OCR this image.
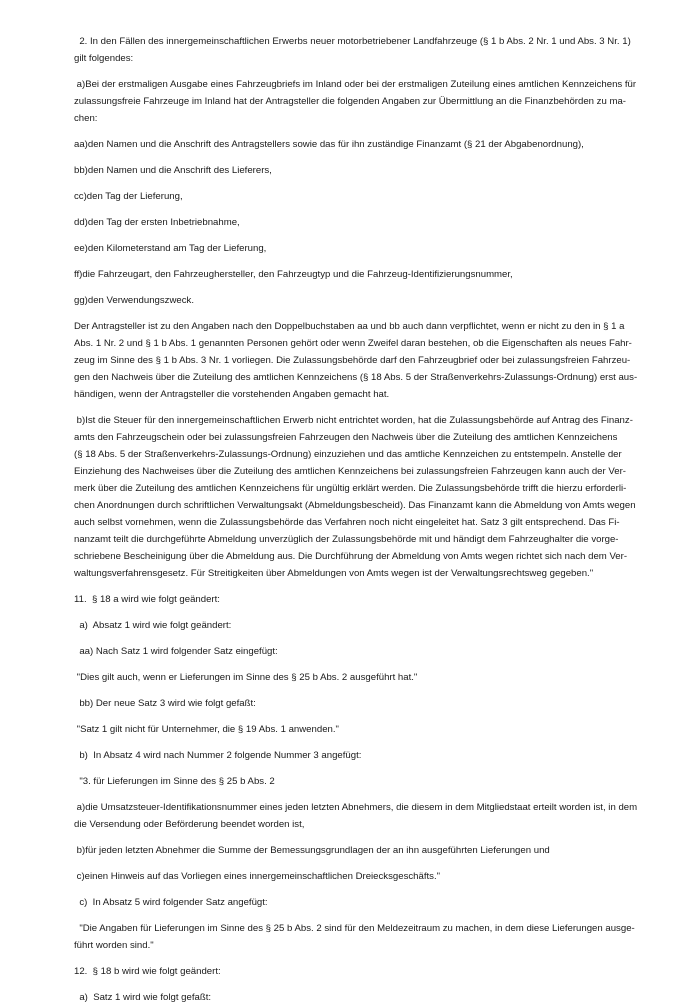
2. In den Fällen des innergemeinschaftlichen Erwerbs neuer motorbetriebener Landfahrzeuge (§ 1 b Abs. 2 Nr. 1 und Abs. 3 Nr. 1)
gilt folgendes:
a)Bei der erstmaligen Ausgabe eines Fahrzeugbriefs im Inland oder bei der erstmaligen Zuteilung eines amtlichen Kennzeichens für
zulassungsfreie Fahrzeuge im Inland hat der Antragsteller die folgenden Angaben zur Übermittlung an die Finanzbehörden zu ma-
chen:
aa)den Namen und die Anschrift des Antragstellers sowie das für ihn zuständige Finanzamt (§ 21 der Abgabenordnung),
bb)den Namen und die Anschrift des Lieferers,
cc)den Tag der Lieferung,
dd)den Tag der ersten Inbetriebnahme,
ee)den Kilometerstand am Tag der Lieferung,
ff)die Fahrzeugart, den Fahrzeughersteller, den Fahrzeugtyp und die Fahrzeug-Identifizierungsnummer,
gg)den Verwendungszweck.
Der Antragsteller ist zu den Angaben nach den Doppelbuchstaben aa und bb auch dann verpflichtet, wenn er nicht zu den in § 1 a
Abs. 1 Nr. 2 und § 1 b Abs. 1 genannten Personen gehört oder wenn Zweifel daran bestehen, ob die Eigenschaften als neues Fahr-
zeug im Sinne des § 1 b Abs. 3 Nr. 1 vorliegen. Die Zulassungsbehörde darf den Fahrzeugbrief oder bei zulassungsfreien Fahrzeu-
gen den Nachweis über die Zuteilung des amtlichen Kennzeichens (§ 18 Abs. 5 der Straßenverkehrs-Zulassungs-Ordnung) erst aus-
händigen, wenn der Antragsteller die vorstehenden Angaben gemacht hat.
b)Ist die Steuer für den innergemeinschaftlichen Erwerb nicht entrichtet worden, hat die Zulassungsbehörde auf Antrag des Finanz-
amts den Fahrzeugschein oder bei zulassungsfreien Fahrzeugen den Nachweis über die Zuteilung des amtlichen Kennzeichens
(§ 18 Abs. 5 der Straßenverkehrs-Zulassungs-Ordnung) einzuziehen und das amtliche Kennzeichen zu entstempeln. Anstelle der
Einziehung des Nachweises über die Zuteilung des amtlichen Kennzeichens bei zulassungsfreien Fahrzeugen kann auch der Ver-
merk über die Zuteilung des amtlichen Kennzeichens für ungültig erklärt werden. Die Zulassungsbehörde trifft die hierzu erforderli-
chen Anordnungen durch schriftlichen Verwaltungsakt (Abmeldungsbescheid). Das Finanzamt kann die Abmeldung von Amts wegen
auch selbst vornehmen, wenn die Zulassungsbehörde das Verfahren noch nicht eingeleitet hat. Satz 3 gilt entsprechend. Das Fi-
nanzamt teilt die durchgeführte Abmeldung unverzüglich der Zulassungsbehörde mit und händigt dem Fahrzeughalter die vorge-
schriebene Bescheinigung über die Abmeldung aus. Die Durchführung der Abmeldung von Amts wegen richtet sich nach dem Ver-
waltungsverfahrensgesetz. Für Streitigkeiten über Abmeldungen von Amts wegen ist der Verwaltungsrechtsweg gegeben."
11.  § 18 a wird wie folgt geändert:
a)  Absatz 1 wird wie folgt geändert:
aa) Nach Satz 1 wird folgender Satz eingefügt:
"Dies gilt auch, wenn er Lieferungen im Sinne des § 25 b Abs. 2 ausgeführt hat."
bb) Der neue Satz 3 wird wie folgt gefaßt:
"Satz 1 gilt nicht für Unternehmer, die § 19 Abs. 1 anwenden."
b)  In Absatz 4 wird nach Nummer 2 folgende Nummer 3 angefügt:
"3. für Lieferungen im Sinne des § 25 b Abs. 2
a)die Umsatzsteuer-Identifikationsnummer eines jeden letzten Abnehmers, die diesem in dem Mitgliedstaat erteilt worden ist, in dem
die Versendung oder Beförderung beendet worden ist,
b)für jeden letzten Abnehmer die Summe der Bemessungsgrundlagen der an ihn ausgeführten Lieferungen und
c)einen Hinweis auf das Vorliegen eines innergemeinschaftlichen Dreiecksgeschäfts."
c)  In Absatz 5 wird folgender Satz angefügt:
"Die Angaben für Lieferungen im Sinne des § 25 b Abs. 2 sind für den Meldezeitraum zu machen, in dem diese Lieferungen ausge-
führt worden sind."
12.  § 18 b wird wie folgt geändert:
a)  Satz 1 wird wie folgt gefaßt:
